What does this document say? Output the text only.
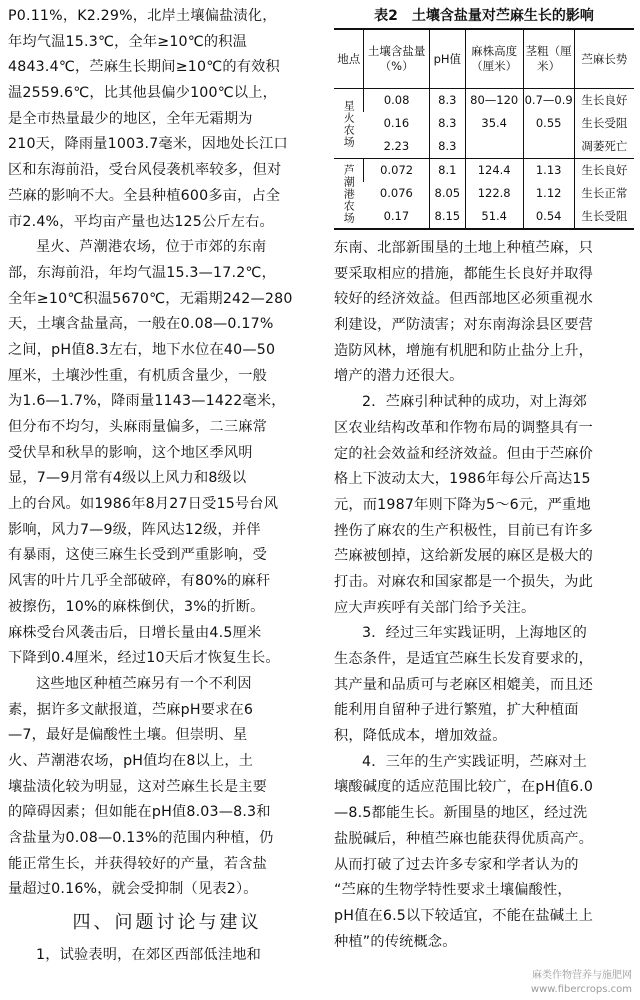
P0.11%，K2.29%，北岸土壤偏盐渍化，
年均气温15.3℃，全年≥10℃的积温
4843.4℃，苎麻生长期间≥10℃的有效积
温2559.6℃，比其他县偏少100℃以上，
是全市热量最少的地区，全年无霜期为
210天，降雨量1003.7毫米，因地处长江口
区和东海前沿，受台风侵袭机率较多，但对
苎麻的影响不大。全县种植600多亩，占全
市2.4%，平均亩产量也达125公斤左右。
星火、芦潮港农场，位于市郊的东南
部，东海前沿，年均气温15.3—17.2℃，
全年≥10℃积温5670℃，无霜期242—280
天，土壤含盐量高，一般在0.08—0.17%
之间，pH值8.3左右，地下水位在40—50
厘米，土壤沙性重，有机质含量少，一般
为1.6—1.7%，降雨量1143—1422毫米，
但分布不均匀，头麻雨量偏多，二三麻常
受伏旱和秋旱的影响，这个地区季风明
显，7—9月常有4级以上风力和8级以
上的台风。如1986年8月27日受15号台风
影响，风力7—9级，阵风达12级，并伴
有暴雨，这使三麻生长受到严重影响，受
风害的叶片几乎全部破碎，有80%的麻秆
被擦伤，10%的麻株倒伏，3%的折断。
麻株受台风袭击后，日增长量由4.5厘米
下降到0.4厘米，经过10天后才恢复生长。
这些地区种植苎麻另有一个不利因
素，据许多文献报道，苎麻pH要求在6
—7，最好是偏酸性土壤。但崇明、星
火、芦潮港农场，pH值均在8以上，土
壤盐渍化较为明显，这对苎麻生长是主要
的障碍因素；但如能在pH值8.03—8.3和
含盐量为0.08—0.13%的范围内种植，仍
能正常生长，并获得较好的产量，若含盐
量超过0.16%，就会受抑制（见表2）。
四、问题讨论与建议
1，试验表明，在郊区西部低洼地和
表2　土壤含盐量对苎麻生长的影响
地点	土壤含盐量（%）	pH值	麻株高度（厘米）	茎粗（厘米）	苎麻长势
星火农场	0.08	8.3	80—120	0.7—0.9	生长良好
	0.16	8.3	35.4	0.55	生长受阻
	2.23	8.3			凋萎死亡
芦潮港农场	0.072	8.1	124.4	1.13	生长良好
	0.076	8.05	122.8	1.12	生长正常
	0.17	8.15	51.4	0.54	生长受阻
东南、北部新围垦的土地上种植苎麻，只
要采取相应的措施，都能生长良好并取得
较好的经济效益。但西部地区必须重视水
利建设，严防渍害；对东南海涂县区要营
造防风林，增施有机肥和防止盐分上升，
增产的潜力还很大。
2．苎麻引种试种的成功，对上海郊
区农业结构改革和作物布局的调整具有一
定的社会效益和经济效益。但由于苎麻价
格上下波动太大，1986年每公斤高达15
元，而1987年则下降为5～6元，严重地
挫伤了麻农的生产积极性，目前已有许多
苎麻被刨掉，这给新发展的麻区是极大的
打击。对麻农和国家都是一个损失，为此
应大声疾呼有关部门给予关注。
3．经过三年实践证明，上海地区的
生态条件，是适宜苎麻生长发育要求的，
其产量和品质可与老麻区相媲美，而且还
能利用自留种子进行繁殖，扩大种植面
积，降低成本，增加效益。
4．三年的生产实践证明，苎麻对土
壤酸碱度的适应范围比较广，在pH值6.0
—8.5都能生长。新围垦的地区，经过洗
盐脱碱后，种植苎麻也能获得优质高产。
从而打破了过去许多专家和学者认为的
“苎麻的生物学特性要求土壤偏酸性，
pH值在6.5以下较适宜，不能在盐碱土上
种植”的传统概念。
麻类作物营养与施肥网
www.fibercrops.com
